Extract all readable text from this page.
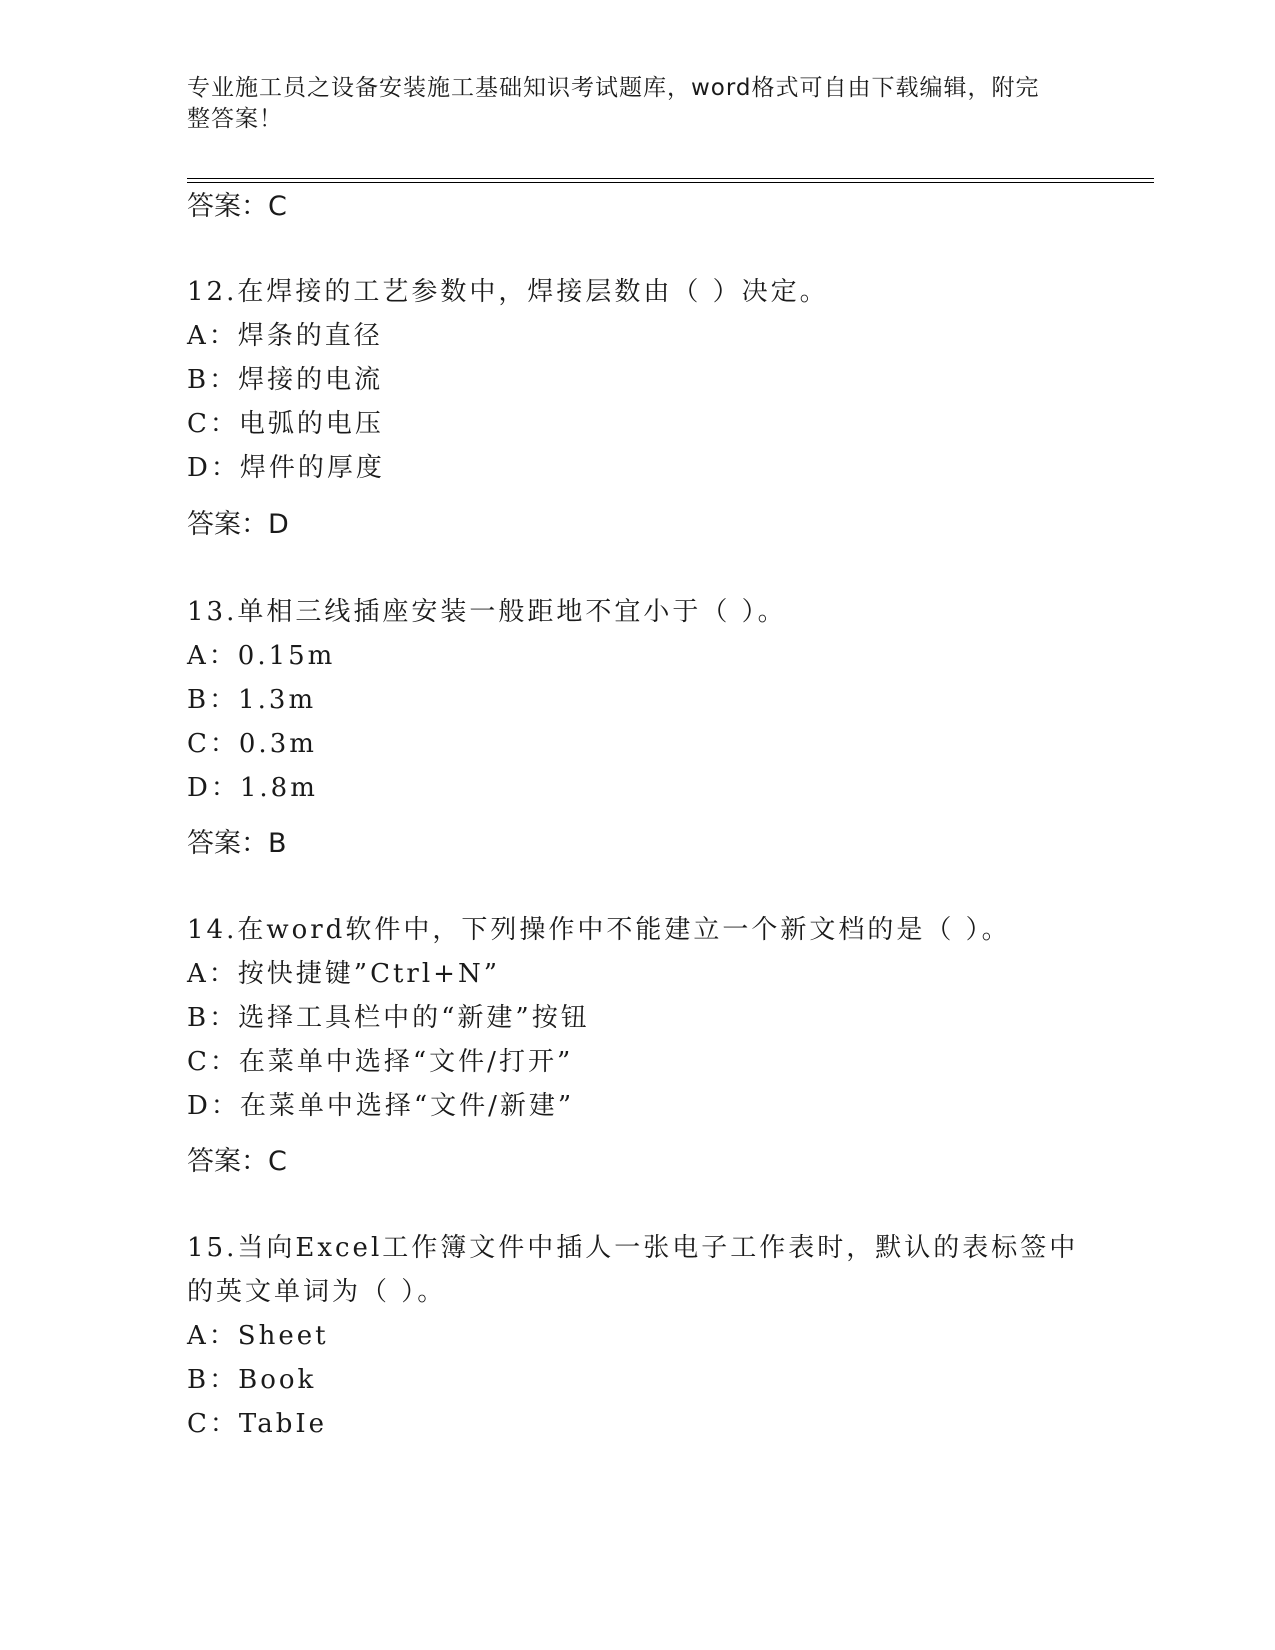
专业施工员之设备安装施工基础知识考试题库，word格式可自由下载编辑，附完
整答案！
答案：C
12.在焊接的工艺参数中，焊接层数由（ ）决定。
A：焊条的直径
B：焊接的电流
C：电弧的电压
D：焊件的厚度
答案：D
13.单相三线插座安装一般距地不宜小于（ ）。
A：0.15m
B：1.3m
C：0.3m
D：1.8m
答案：B
14.在word软件中，下列操作中不能建立一个新文档的是（ ）。
A：按快捷键”Ctrl+N”
B：选择工具栏中的“新建”按钮
C：在菜单中选择“文件/打开”
D：在菜单中选择“文件/新建”
答案：C
15.当向Excel工作簿文件中插人一张电子工作表时，默认的表标签中
的英文单词为（ ）。
A：Sheet
B：Book
C：TabIe
